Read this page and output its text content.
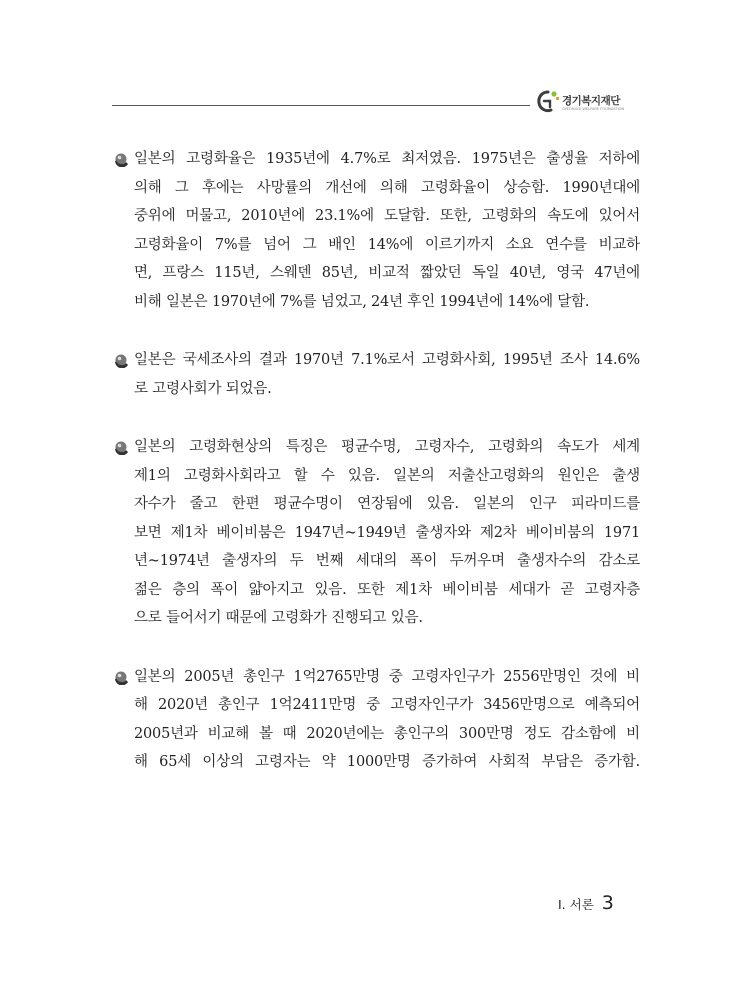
경기복지재단
GYEONGGI WELFARE FOUNDATION
일본의 고령화율은 1935년에 4.7%로 최저였음. 1975년은 출생율 저하에
의해 그 후에는 사망률의 개선에 의해 고령화율이 상승함. 1990년대에
중위에 머물고, 2010년에 23.1%에 도달함. 또한, 고령화의 속도에 있어서
고령화율이 7%를 넘어 그 배인 14%에 이르기까지 소요 연수를 비교하
면, 프랑스 115년, 스웨덴 85년, 비교적 짧았던 독일 40년, 영국 47년에
비해 일본은 1970년에 7%를 넘었고, 24년 후인 1994년에 14%에 달함.
일본은 국세조사의 결과 1970년 7.1%로서 고령화사회, 1995년 조사 14.6%
로 고령사회가 되었음.
일본의 고령화현상의 특징은 평균수명, 고령자수, 고령화의 속도가 세계
제1의 고령화사회라고 할 수 있음. 일본의 저출산고령화의 원인은 출생
자수가 줄고 한편 평균수명이 연장됨에 있음. 일본의 인구 피라미드를
보면 제1차 베이비붐은 1947년~1949년 출생자와 제2차 베이비붐의 1971
년~1974년 출생자의 두 번째 세대의 폭이 두꺼우며 출생자수의 감소로
젊은 층의 폭이 얇아지고 있음. 또한 제1차 베이비붐 세대가 곧 고령자층
으로 들어서기 때문에 고령화가 진행되고 있음.
일본의 2005년 총인구 1억2765만명 중 고령자인구가 2556만명인 것에 비
해 2020년 총인구 1억2411만명 중 고령자인구가 3456만명으로 예측되어
2005년과 비교해 볼 때 2020년에는 총인구의 300만명 정도 감소함에 비
해 65세 이상의 고령자는 약 1000만명 증가하여 사회적 부담은 증가함.
Ⅰ. 서론 3
